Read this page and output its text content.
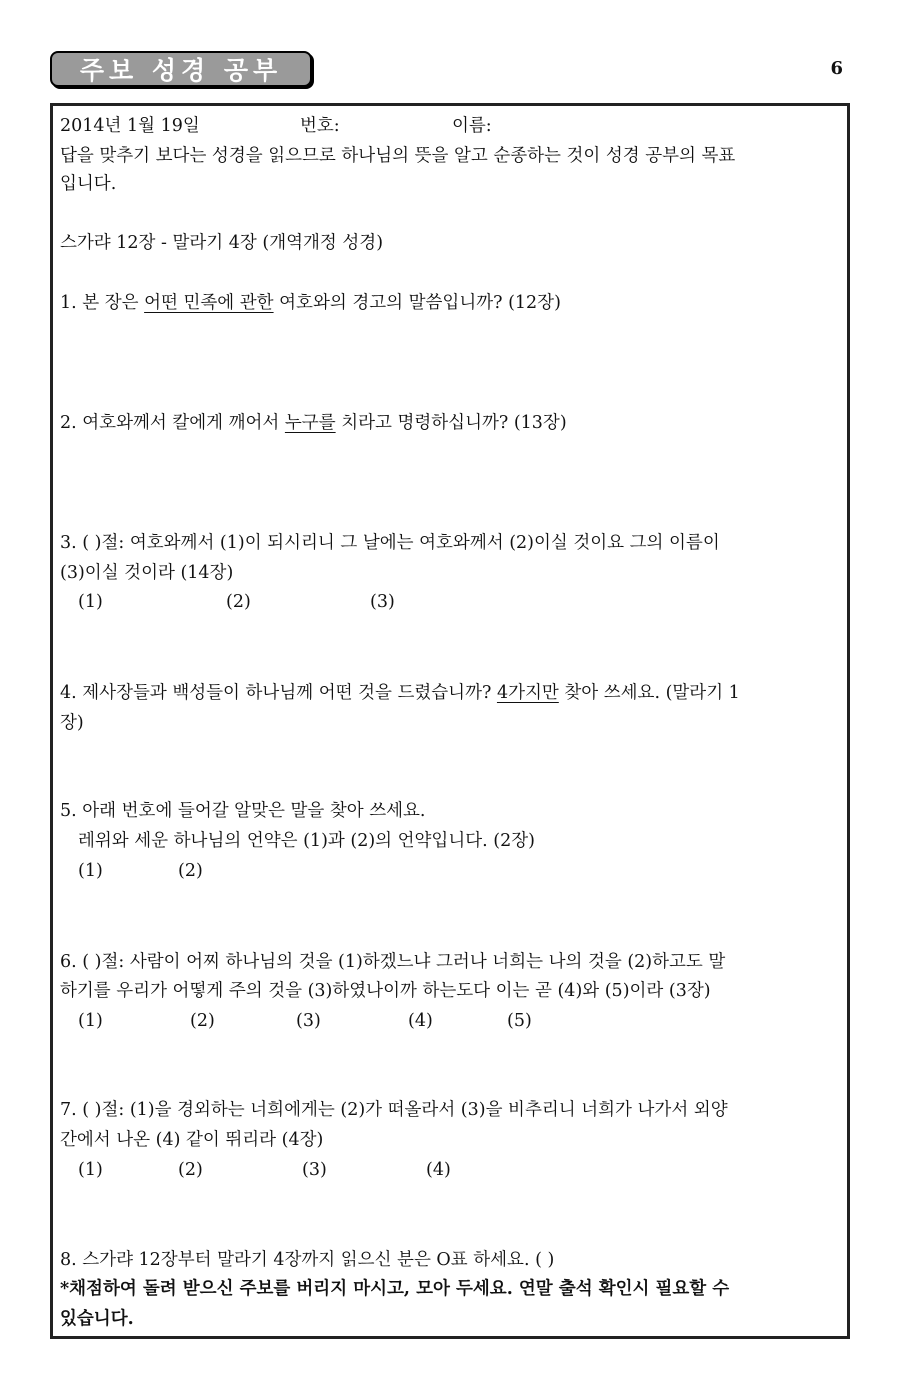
주보 성경 공부	6
2014년 1월 19일	번호:	이름:
답을 맞추기 보다는 성경을 읽으므로 하나님의 뜻을 알고 순종하는 것이 성경 공부의 목표
입니다.
스가랴 12장 - 말라기 4장 (개역개정 성경)
1. 본 장은 어떤 민족에 관한 여호와의 경고의 말씀입니까? (12장)
2. 여호와께서 칼에게 깨어서 누구를 치라고 명령하십니까? (13장)
3. ( )절: 여호와께서 (1)이 되시리니 그 날에는 여호와께서 (2)이실 것이요 그의 이름이
(3)이실 것이라 (14장)
(1)	(2)	(3)
4. 제사장들과 백성들이 하나님께 어떤 것을 드렸습니까? 4가지만 찾아 쓰세요. (말라기 1
장)
5. 아래 번호에 들어갈 알맞은 말을 찾아 쓰세요.
레위와 세운 하나님의 언약은 (1)과 (2)의 언약입니다. (2장)
(1)	(2)
6. ( )절: 사람이 어찌 하나님의 것을 (1)하겠느냐 그러나 너희는 나의 것을 (2)하고도 말
하기를 우리가 어떻게 주의 것을 (3)하였나이까 하는도다 이는 곧 (4)와 (5)이라 (3장)
(1)	(2)	(3)	(4)	(5)
7. ( )절: (1)을 경외하는 너희에게는 (2)가 떠올라서 (3)을 비추리니 너희가 나가서 외양
간에서 나온 (4) 같이 뛰리라 (4장)
(1)	(2)	(3)	(4)
8. 스가랴 12장부터 말라기 4장까지 읽으신 분은 O표 하세요. ( )
*채점하여 돌려 받으신 주보를 버리지 마시고, 모아 두세요. 연말 출석 확인시 필요할 수
있습니다.
